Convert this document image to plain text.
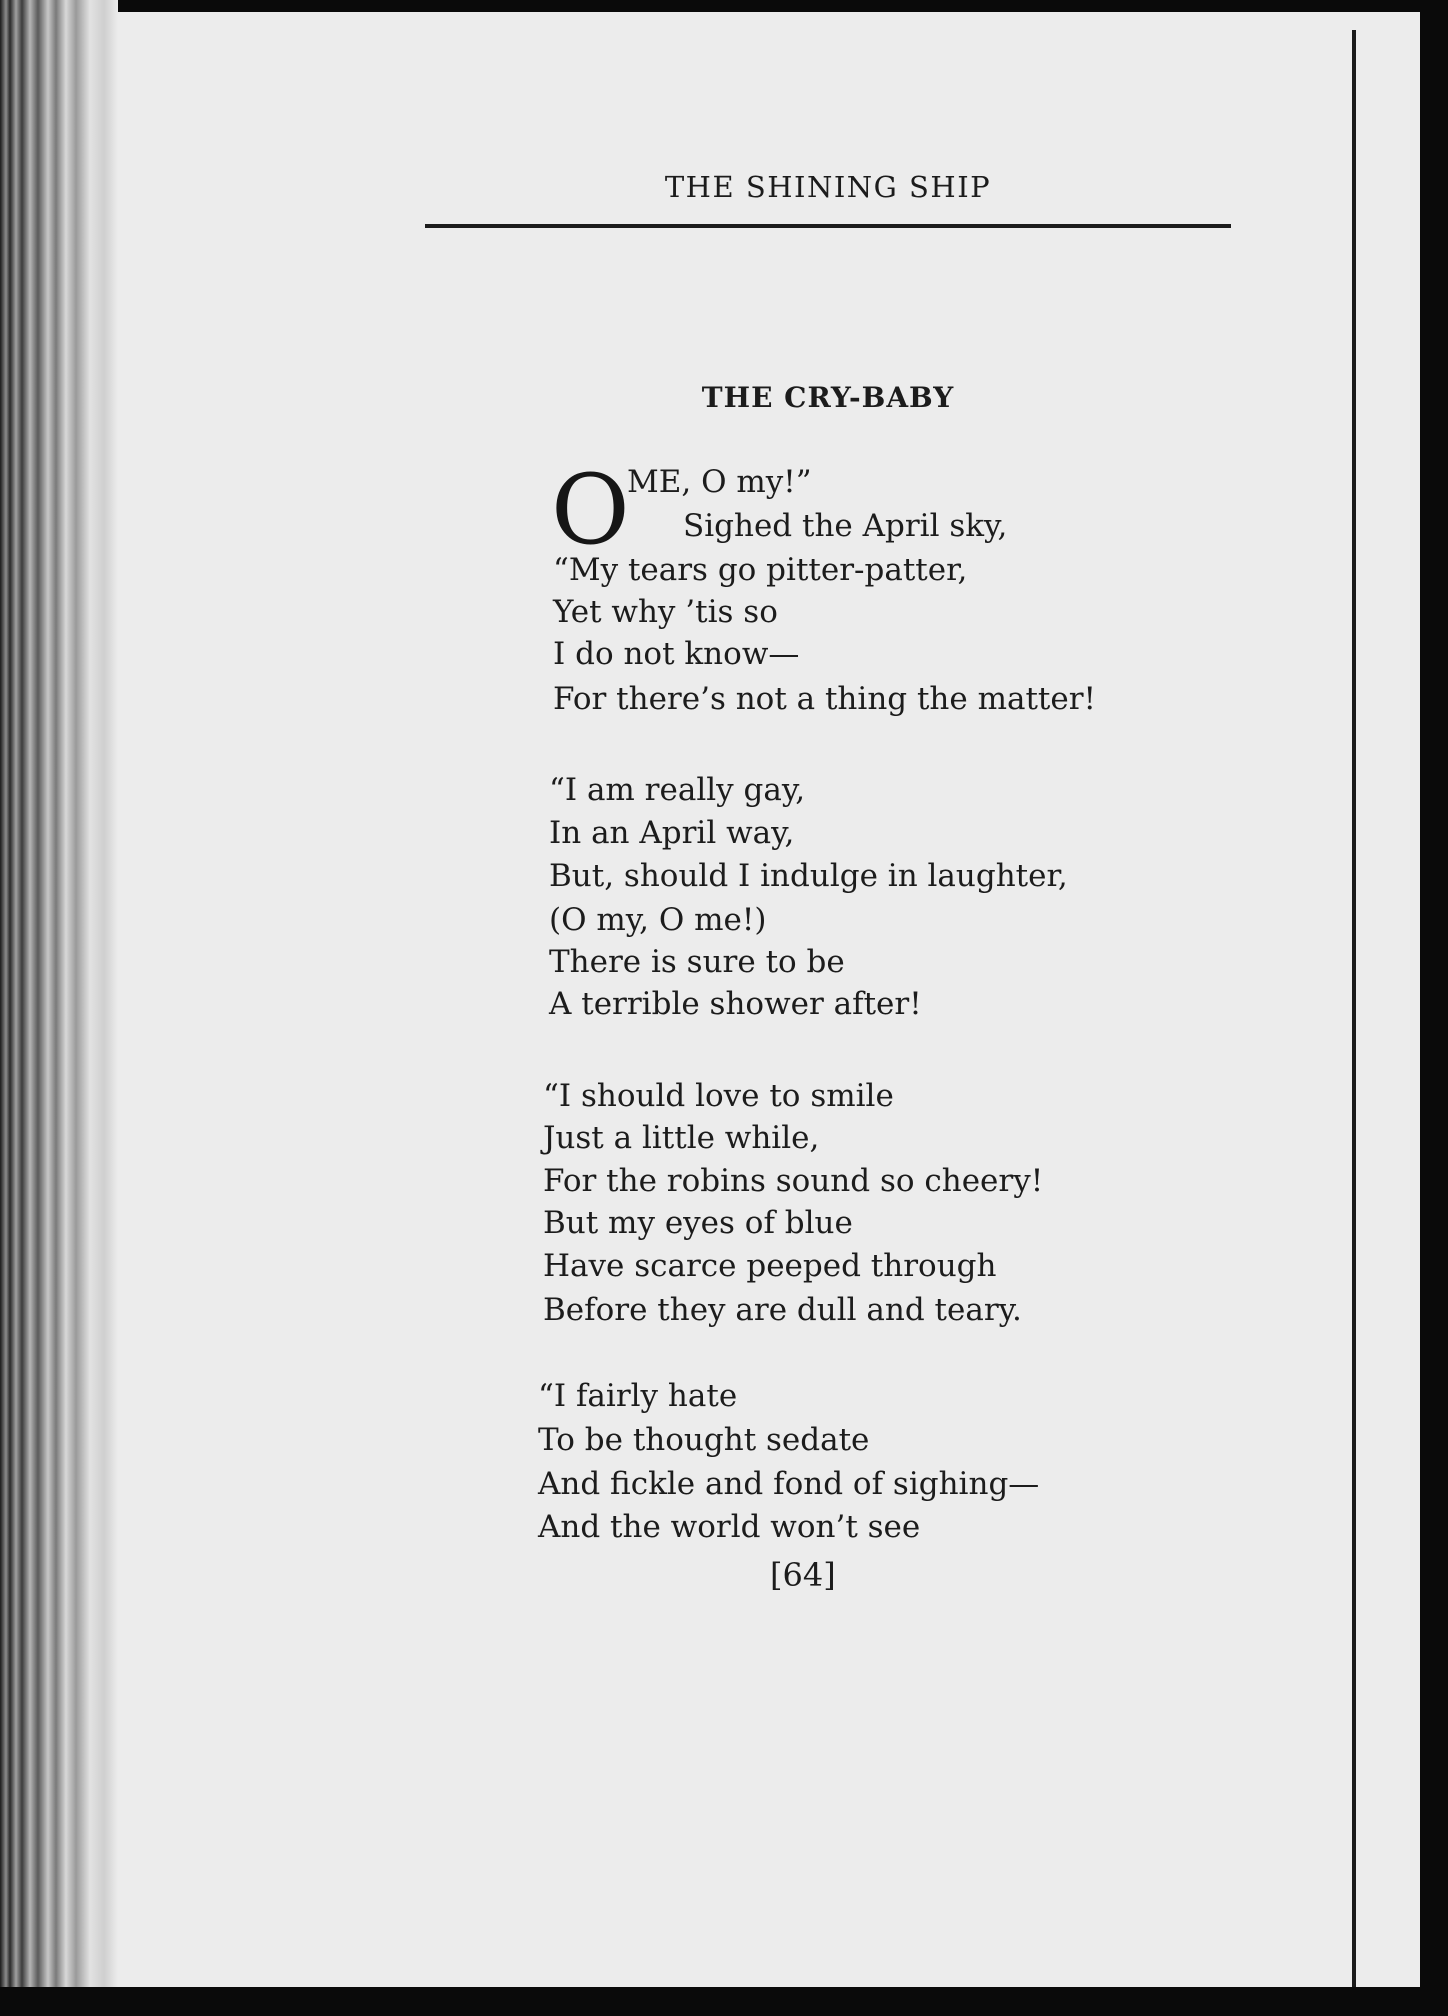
THE SHINING SHIP
THE CRY-BABY
O
ME, O my!”
Sighed the April sky,
“My tears go pitter-patter,
Yet why ’tis so
I do not know—
For there’s not a thing the matter!
“I am really gay,
In an April way,
But, should I indulge in laughter,
(O my, O me!)
There is sure to be
A terrible shower after!
“I should love to smile
Just a little while,
For the robins sound so cheery!
But my eyes of blue
Have scarce peeped through
Before they are dull and teary.
“I fairly hate
To be thought sedate
And fickle and fond of sighing—
And the world won’t see
[64]
